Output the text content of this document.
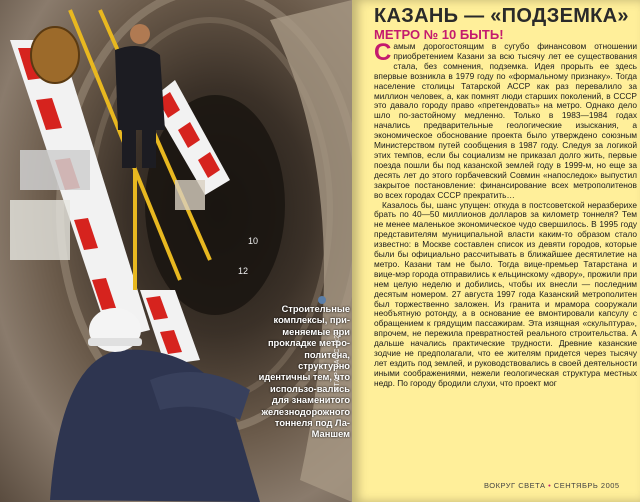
10
12
Строительные комплексы, при-меняемые при прокладке метро-политена, структурно идентичны тем, что использо-вались для знаменитого железнодорожного тоннеля под Ла-Маншем
ИТАР-ТАСС (x2)
КАЗАНЬ — «ПОДЗЕМКА»
МЕТРО № 10 БЫТЬ!

Самым дорогостоящим в сугубо финансовом отношении приобретением Казани за всю тысячу лет ее существования стала, без сомнения, подземка. Идея прорыть ее здесь впервые возникла в 1979 году по «формальному признаку». Тогда население столицы Татарской АССР как раз перевалило за миллион человек, а, как помнят люди старших поколений, в СССР это давало городу право «претендовать» на метро. Однако дело шло по-застойному медленно. Только в 1983—1984 годах начались предварительные геологические изыскания, а экономическое обоснование проекта было утверждено союзным Министерством путей сообщения в 1987 году. Следуя за логикой этих темпов, если бы социализм не приказал долго жить, первые поезда пошли бы под казанской землей году в 1999-м, но еще за десять лет до этого горбачевский Совмин «напоследок» выпустил закрытое постановление: финансирование всех метрополитенов во всех городах СССР прекратить…

Казалось бы, шанс упущен: откуда в постсоветской неразберихе брать по 40—50 миллионов долларов за километр тоннеля? Тем не менее маленькое экономическое чудо свершилось. В 1995 году представителям муниципальной власти каким-то образом стало известно: в Москве составлен список из девяти городов, которые были бы официально рассчитывать в ближайшее десятилетие на метро. Казани там не было. Тогда вице-премьер Татарстана и вице-мэр города отправились к ельцинскому «двору», прожили при нем целую неделю и добились, чтобы их внесли — последним десятым номером. 27 августа 1997 года Казанский метрополитен был торжественно заложен. Из гранита и мрамора сооружали необъятную ротонду, а в основание ее вмонтировали капсулу с обращением к грядущим пассажирам. Эта изящная «скульптура», впрочем, не пережила превратностей реального строительства. А дальше начались практические трудности. Древние казанские зодчие не предполагали, что ее жителям придется через тысячу лет ездить под землей, и руководствовались в своей деятельности иными соображениями, нежели геологическая структура местных недр. По городу бродили слухи, что проект мог

ВОКРУГ СВЕТА • СЕНТЯБРЬ 2005
